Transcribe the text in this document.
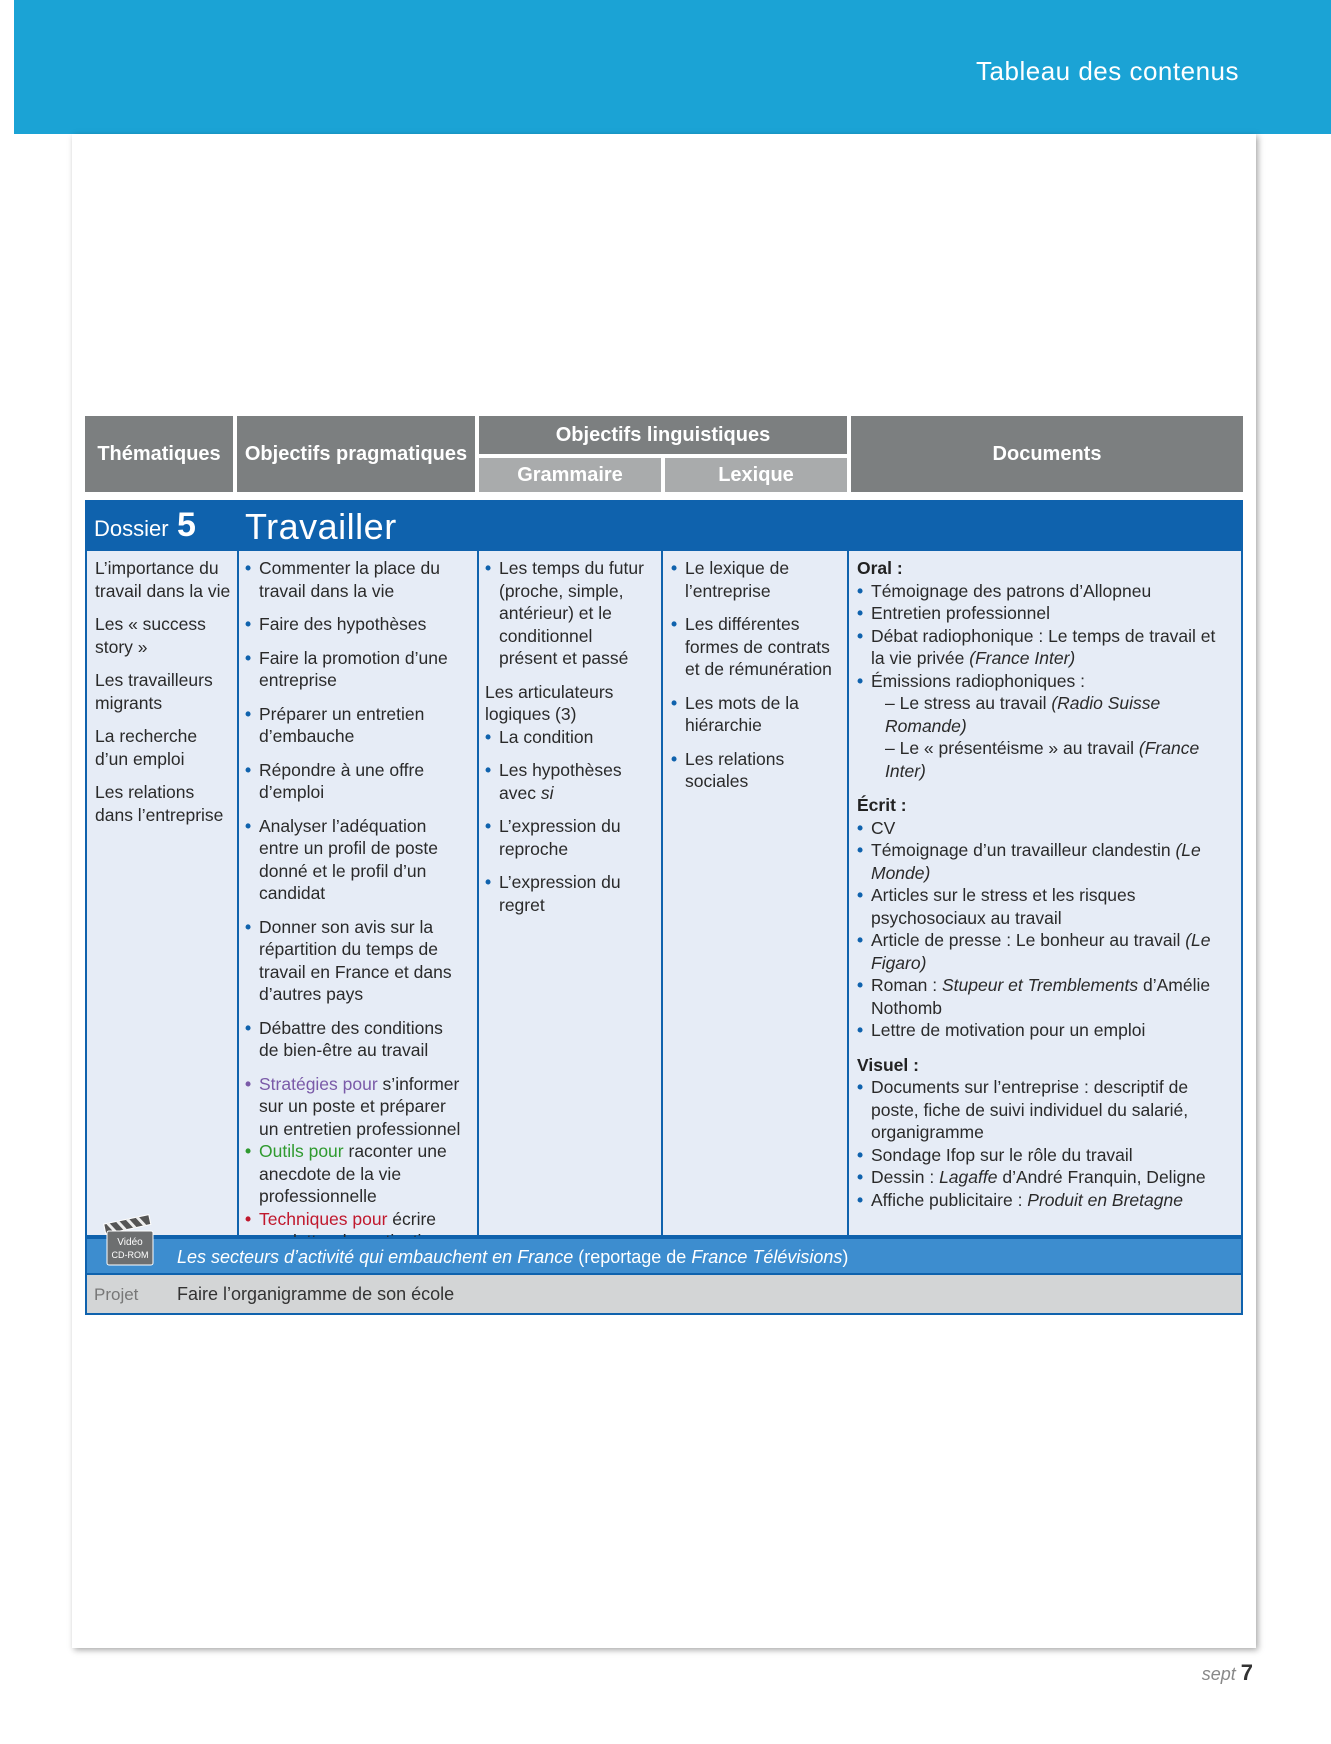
Tableau des contenus
Thématiques	Objectifs pragmatiques
Objectifs linguistiques
Grammaire	Lexique
Documents
Dossier 5 Travailler
L’importance du travail dans la vie
Les « success story »
Les travailleurs migrants
La recherche d’un emploi
Les relations dans l’entreprise
• Commenter la place du travail dans la vie
• Faire des hypothèses
• Faire la promotion d’une entreprise
• Préparer un entretien d’embauche
• Répondre à une offre d’emploi
• Analyser l’adéquation entre un profil de poste donné et le profil d’un candidat
• Donner son avis sur la répartition du temps de travail en France et dans d’autres pays
• Débattre des conditions de bien-être au travail
• Stratégies pour s’informer sur un poste et préparer un entretien professionnel
• Outils pour raconter une anecdote de la vie professionnelle
• Techniques pour écrire
• Les temps du futur (proche, simple, antérieur) et le conditionnel présent et passé
Les articulateurs logiques (3)
• La condition
• Les hypothèses avec si
• L’expression du reproche
• L’expression du regret
• Le lexique de l’entreprise
• Les différentes formes de contrats et de rémunération
• Les mots de la hiérarchie
• Les relations sociales
Oral :
• Témoignage des patrons d’Allopneu
• Entretien professionnel
• Débat radiophonique : Le temps de travail et la vie privée (France Inter)
• Émissions radiophoniques :
– Le stress au travail (Radio Suisse Romande)
– Le « présentéisme » au travail (France Inter)
Écrit :
• CV
• Témoignage d’un travailleur clandestin (Le Monde)
• Articles sur le stress et les risques psychosociaux au travail
• Article de presse : Le bonheur au travail (Le Figaro)
• Roman : Stupeur et Tremblements d’Amélie Nothomb
• Lettre de motivation pour un emploi
Visuel :
• Documents sur l’entreprise : descriptif de poste, fiche de suivi individuel du salarié, organigramme
• Sondage Ifop sur le rôle du travail
• Dessin : Lagaffe d’André Franquin, Deligne
• Affiche publicitaire : Produit en Bretagne
Vidéo
CD-ROM Les secteurs d’activité qui embauchent en France (reportage de France Télévisions)
Projet Faire l’organigramme de son école
sept 7
